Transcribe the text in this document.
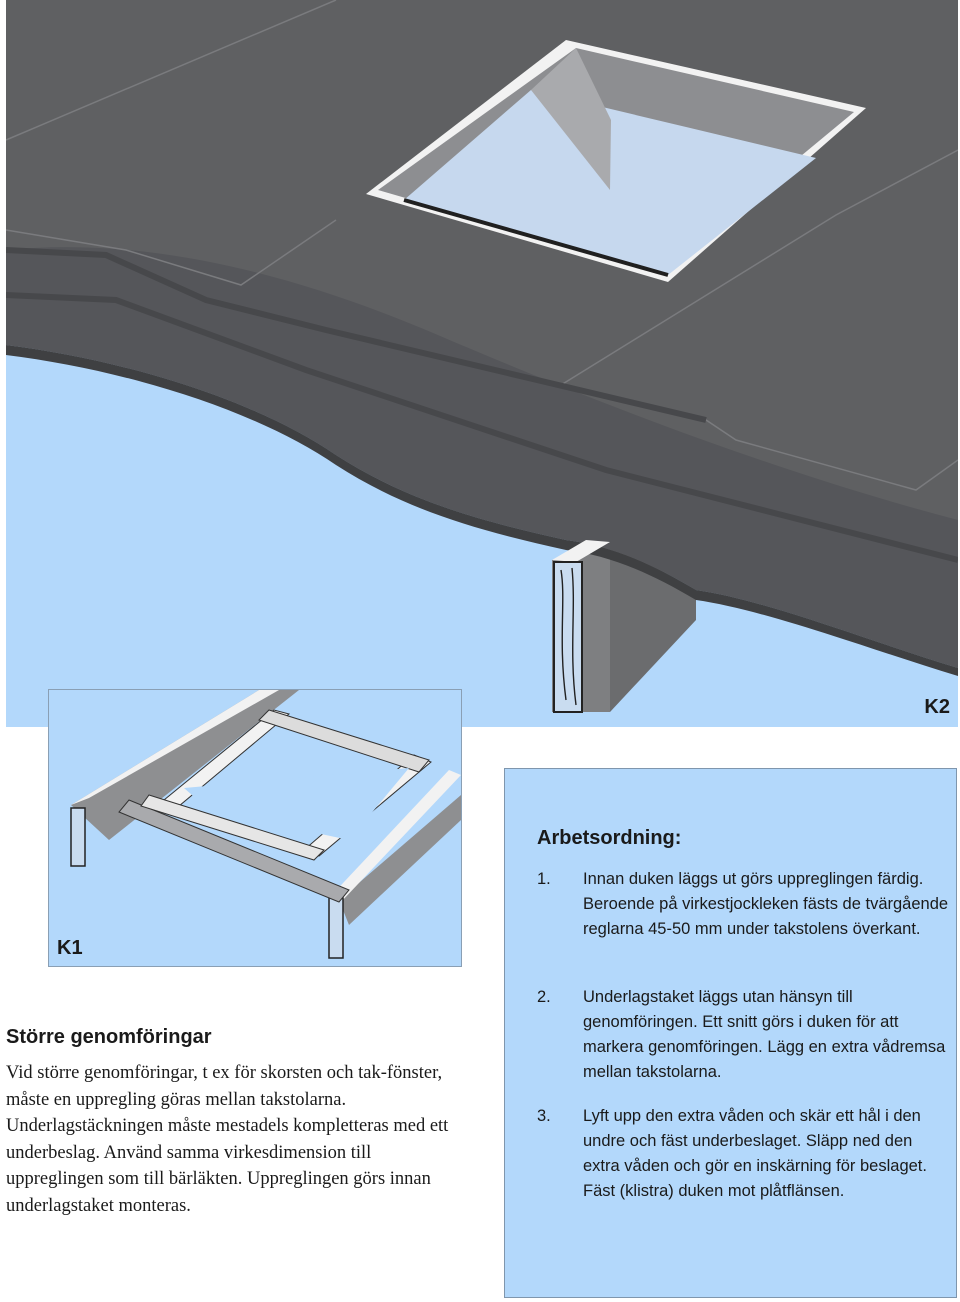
K2
K1
Arbetsordning:
1. Innan duken läggs ut görs uppreglingen färdig. Beroende på virkestjockleken fästs de tvärgående reglarna 45-50 mm under takstolens överkant.
2. Underlagstaket läggs utan hänsyn till genomföringen. Ett snitt görs i duken för att markera genomföringen. Lägg en extra vådremsa mellan takstolarna.
3. Lyft upp den extra våden och skär ett hål i den undre och fäst underbeslaget. Släpp ned den extra våden och gör en inskärning för beslaget. Fäst (klistra) duken mot plåtflänsen.
Större genomföringar
Vid större genomföringar, t ex för skorsten och tak-fönster, måste en uppregling göras mellan takstolarna. Underlagstäckningen måste mestadels kompletteras med ett underbeslag. Använd samma virkesdimension till uppreglingen som till bärläkten. Uppreglingen görs innan underlagstaket monteras.
